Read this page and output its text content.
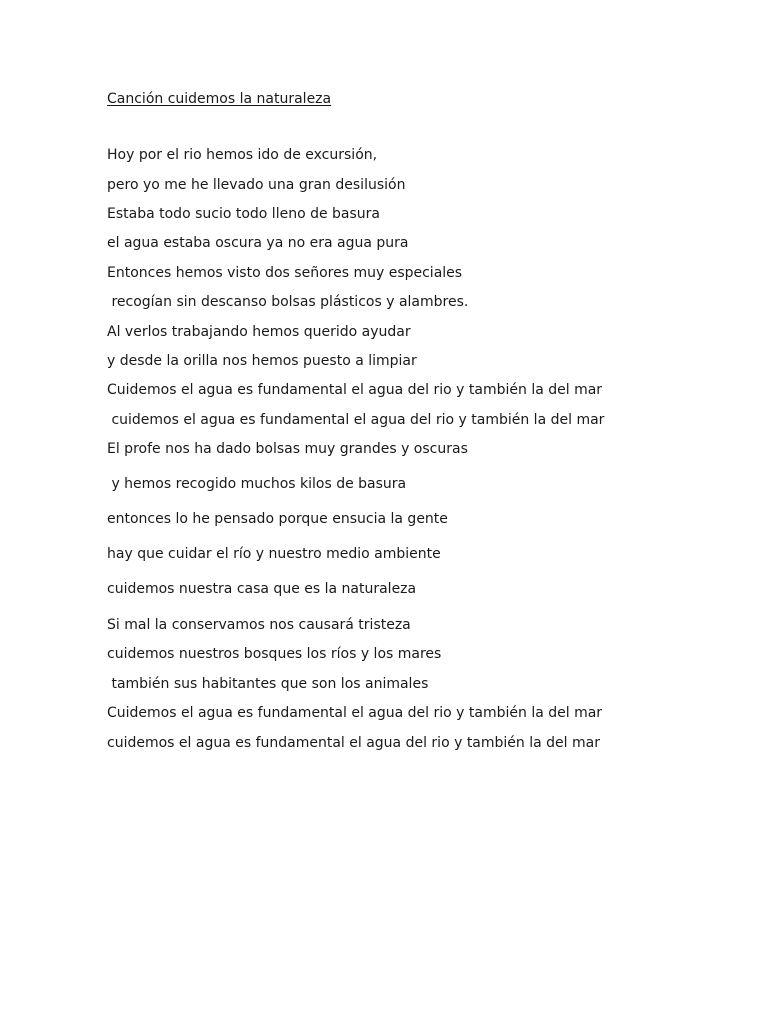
Canción cuidemos la naturaleza
Hoy por el rio hemos ido de excursión,
pero yo me he llevado una gran desilusión
Estaba todo sucio todo lleno de basura
el agua estaba oscura ya no era agua pura
Entonces hemos visto dos señores muy especiales
recogían sin descanso bolsas plásticos y alambres.
Al verlos trabajando hemos querido ayudar
y desde la orilla nos hemos puesto a limpiar
Cuidemos el agua es fundamental el agua del rio y también la del mar
cuidemos el agua es fundamental el agua del rio y también la del mar
El profe nos ha dado bolsas muy grandes y oscuras
y hemos recogido muchos kilos de basura
entonces lo he pensado porque ensucia la gente
hay que cuidar el río y nuestro medio ambiente
cuidemos nuestra casa que es la naturaleza
Si mal la conservamos nos causará tristeza
cuidemos nuestros bosques los ríos y los mares
también sus habitantes que son los animales
Cuidemos el agua es fundamental el agua del rio y también la del mar
cuidemos el agua es fundamental el agua del rio y también la del mar
